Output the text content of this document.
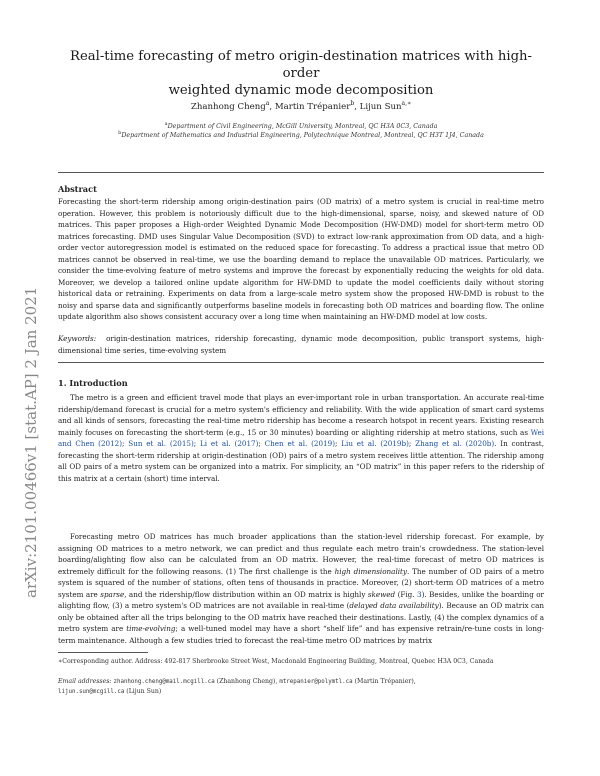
arXiv:2101.00466v1 [stat.AP] 2 Jan 2021
Real-time forecasting of metro origin-destination matrices with high-order
weighted dynamic mode decomposition
Zhanhong Cheng$^a$, Martin Trépanier$^b$, Lijun Sun$^{a,∗}$
$^a$Department of Civil Engineering, McGill University, Montreal, QC H3A 0C3, Canada
$^b$Department of Mathematics and Industrial Engineering, Polytechnique Montreal, Montreal, QC H3T 1J4, Canada
Abstract

Forecasting the short-term ridership among origin-destination pairs (OD matrix) of a metro system is crucial in real-time metro operation. However, this problem is notoriously difficult due to the high-dimensional, sparse, noisy, and skewed nature of OD matrices. This paper proposes a High-order Weighted Dynamic Mode Decomposition (HW-DMD) model for short-term metro OD matrices forecasting. DMD uses Singular Value Decomposition (SVD) to extract low-rank approximation from OD data, and a high-order vector autoregression model is estimated on the reduced space for forecasting. To address a practical issue that metro OD matrices cannot be observed in real-time, we use the boarding demand to replace the unavailable OD matrices. Particularly, we consider the time-evolving feature of metro systems and improve the forecast by exponentially reducing the weights for old data. Moreover, we develop a tailored online update algorithm for HW-DMD to update the model coefficients daily without storing historical data or retraining. Experiments on data from a large-scale metro system show the proposed HW-DMD is robust to the noisy and sparse data and significantly outperforms baseline models in forecasting both OD matrices and boarding flow. The online update algorithm also shows consistent accuracy over a long time when maintaining an HW-DMD model at low costs.

Keywords: origin-destination matrices, ridership forecasting, dynamic mode decomposition, public transport systems, high-dimensional time series, time-evolving system

1. Introduction

The metro is a green and efficient travel mode that plays an ever-important role in urban transportation. An accurate real-time ridership/demand forecast is crucial for a metro system's efficiency and reliability. With the wide application of smart card systems and all kinds of sensors, forecasting the real-time metro ridership has become a research hotspot in recent years. Existing research mainly focuses on forecasting the short-term (e.g., 15 or 30 minutes) boarding or alighting ridership at metro stations, such as Wei and Chen (2012); Sun et al. (2015); Li et al. (2017); Chen et al. (2019); Liu et al. (2019b); Zhang et al. (2020b). In contrast, forecasting the short-term ridership at origin-destination (OD) pairs of a metro system receives little attention. The ridership among all OD pairs of a metro system can be organized into a matrix. For simplicity, an “OD matrix” in this paper refers to the ridership of this matrix at a certain (short) time interval.

Forecasting metro OD matrices has much broader applications than the station-level ridership forecast. For example, by assigning OD matrices to a metro network, we can predict and thus regulate each metro train's crowdedness. The station-level boarding/alighting flow also can be calculated from an OD matrix. However, the real-time forecast of metro OD matrices is extremely difficult for the following reasons. (1) The first challenge is the high dimensionality. The number of OD pairs of a metro system is squared of the number of stations, often tens of thousands in practice. Moreover, (2) short-term OD matrices of a metro system are sparse, and the ridership/flow distribution within an OD matrix is highly skewed (Fig. 3). Besides, unlike the boarding or alighting flow, (3) a metro system's OD matrices are not available in real-time (delayed data availability). Because an OD matrix can only be obtained after all the trips belonging to the OD matrix have reached their destinations. Lastly, (4) the complex dynamics of a metro system are time-evolving; a well-tuned model may have a short “shelf life” and has expensive retrain/re-tune costs in long-term maintenance. Although a few studies tried to forecast the real-time metro OD matrices by matrix

∗Corresponding author. Address: 492-817 Sherbrooke Street West, Macdonald Engineering Building, Montreal, Quebec H3A 0C3, Canada

Email addresses: zhanhong.cheng@mail.mcgill.ca (Zhanhong Cheng), mtrepanier@polymtl.ca (Martin Trépanier),
lijun.sun@mcgill.ca (Lijun Sun)
